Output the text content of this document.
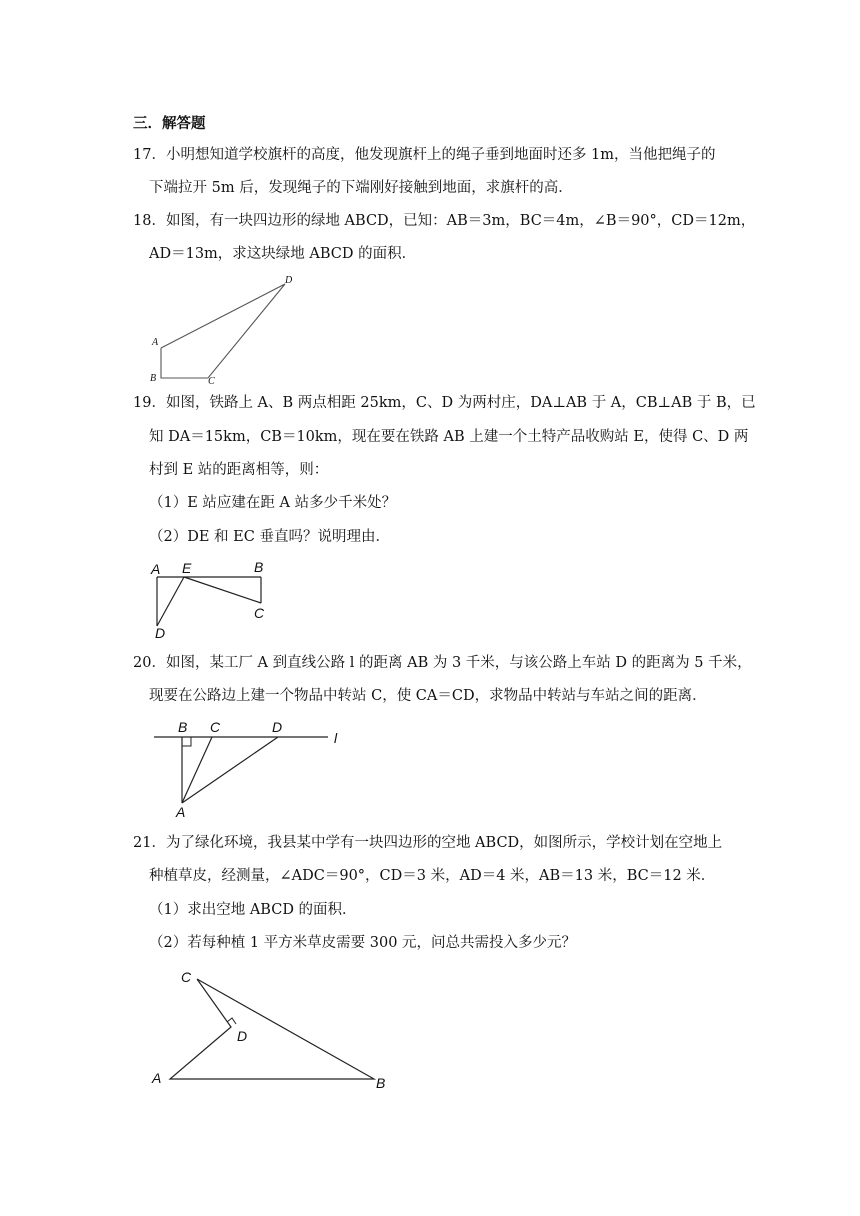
三．解答题
17．小明想知道学校旗杆的高度，他发现旗杆上的绳子垂到地面时还多 1m，当他把绳子的
下端拉开 5m 后，发现绳子的下端刚好接触到地面，求旗杆的高．
18．如图，有一块四边形的绿地 ABCD，已知：AB＝3m，BC＝4m，∠B＝90°，CD＝12m，
AD＝13m，求这块绿地 ABCD 的面积．
A
B	C
D
19．如图，铁路上 A、B 两点相距 25km，C、D 为两村庄，DA⊥AB 于 A，CB⊥AB 于 B，已
知 DA＝15km，CB＝10km，现在要在铁路 AB 上建一个土特产品收购站 E，使得 C、D 两
村到 E 站的距离相等，则：
（1）E 站应建在距 A 站多少千米处？
（2）DE 和 EC 垂直吗？说明理由．
A E	B
C
D
20．如图，某工厂 A 到直线公路 l 的距离 AB 为 3 千米，与该公路上车站 D 的距离为 5 千米，
现要在公路边上建一个物品中转站 C，使 CA＝CD，求物品中转站与车站之间的距离．
B C	D
l
A
21．为了绿化环境，我县某中学有一块四边形的空地 ABCD，如图所示，学校计划在空地上
种植草皮，经测量，∠ADC＝90°，CD＝3 米，AD＝4 米，AB＝13 米，BC＝12 米．
（1）求出空地 ABCD 的面积．
（2）若每种植 1 平方米草皮需要 300 元，问总共需投入多少元？
C
D
A	B
